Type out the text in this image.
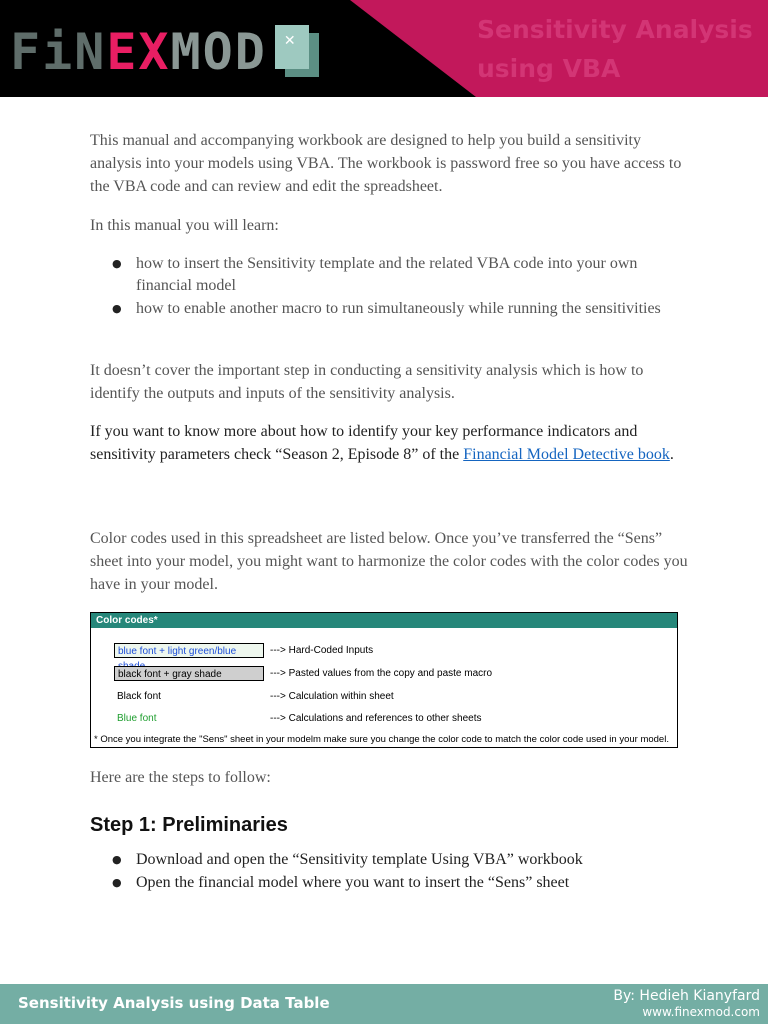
FiNEXMOD ✕	Sensitivity Analysis using VBA

This manual and accompanying workbook are designed to help you build a sensitivity analysis into your models using VBA. The workbook is password free so you have access to the VBA code and can review and edit the spreadsheet.

In this manual you will learn:

● how to insert the Sensitivity template and the related VBA code into your own financial model
● how to enable another macro to run simultaneously while running the sensitivities

It doesn’t cover the important step in conducting a sensitivity analysis which is how to identify the outputs and inputs of the sensitivity analysis.

If you want to know more about how to identify your key performance indicators and sensitivity parameters check “Season 2, Episode 8” of the Financial Model Detective book.

Color codes used in this spreadsheet are listed below. Once you’ve transferred the “Sens” sheet into your model, you might want to harmonize the color codes with the color codes you have in your model.

Color codes*
blue font + light green/blue	---> Hard-Coded Inputs
black font + gray shade	---> Pasted values from the copy and paste macro
Black font	---> Calculation within sheet
Blue font	---> Calculations and references to other sheets
* Once you integrate the "Sens" sheet in your modelm make sure you change the color code to match the color code used in your model.

Here are the steps to follow:

Step 1: Preliminaries
● Download and open the “Sensitivity template Using VBA” workbook
● Open the financial model where you want to insert the “Sens” sheet
Sensitivity Analysis using Data Table	By: Hedieh Kianyfard
www.finexmod.com
